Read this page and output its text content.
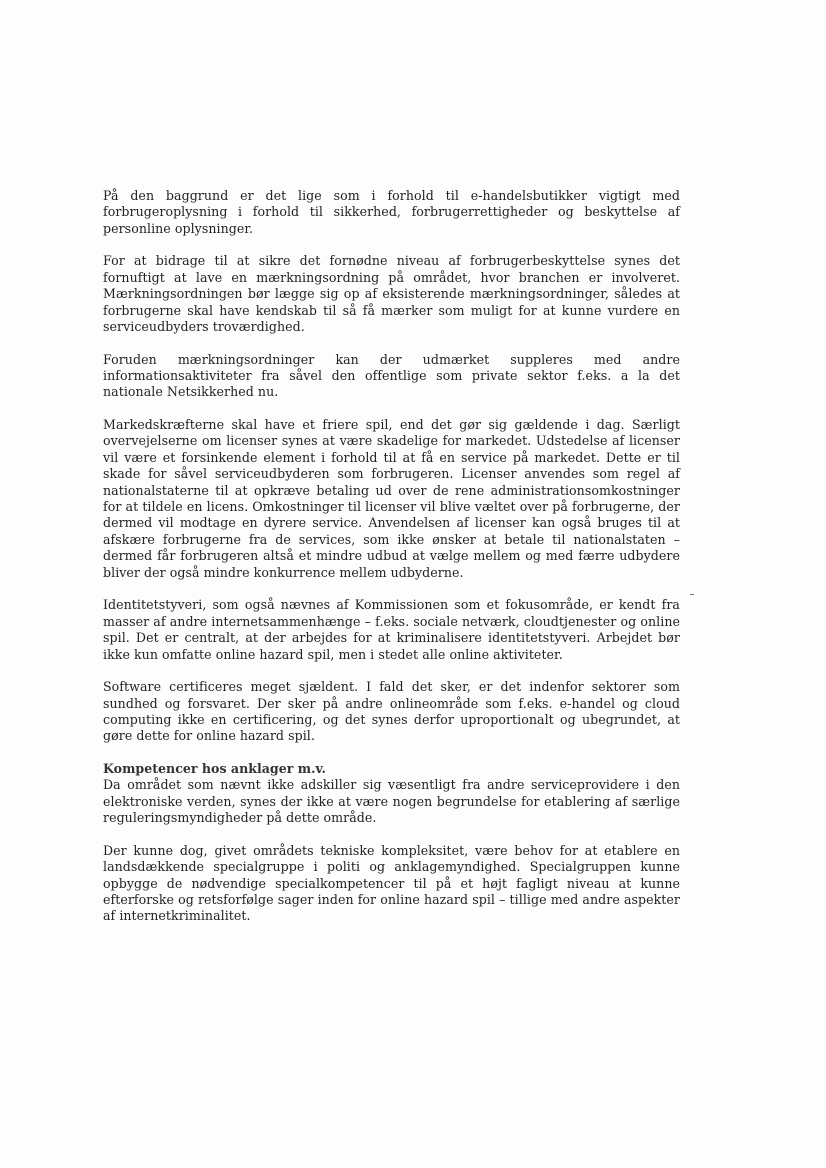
På den baggrund er det lige som i forhold til e-handelsbutikker vigtigt med forbrugeroplysning i forhold til sikkerhed, forbrugerrettigheder og beskyttelse af personline oplysninger.

For at bidrage til at sikre det fornødne niveau af forbrugerbeskyttelse synes det fornuftigt at lave en mærkningsordning på området, hvor branchen er involveret. Mærkningsordningen bør lægge sig op af eksisterende mærkningsordninger, således at forbrugerne skal have kendskab til så få mærker som muligt for at kunne vurdere en serviceudbyders troværdighed.

Foruden mærkningsordninger kan der udmærket suppleres med andre informationsaktiviteter fra såvel den offentlige som private sektor f.eks. a la det nationale Netsikkerhed nu.

Markedskræfterne skal have et friere spil, end det gør sig gældende i dag. Særligt overvejelserne om licenser synes at være skadelige for markedet. Udstedelse af licenser vil være et forsinkende element i forhold til at få en service på markedet. Dette er til skade for såvel serviceudbyderen som forbrugeren. Licenser anvendes som regel af nationalstaterne til at opkræve betaling ud over de rene administrationsomkostninger for at tildele en licens. Omkostninger til licenser vil blive væltet over på forbrugerne, der dermed vil modtage en dyrere service. Anvendelsen af licenser kan også bruges til at afskære forbrugerne fra de services, som ikke ønsker at betale til nationalstaten – dermed får forbrugeren altså et mindre udbud at vælge mellem og med færre udbydere bliver der også mindre konkurrence mellem udbyderne.

Identitetstyveri, som også nævnes af Kommissionen som et fokusområde, er kendt fra masser af andre internetsammenhænge – f.eks. sociale netværk, cloudtjenester og online spil. Det er centralt, at der arbejdes for at kriminalisere identitetstyveri. Arbejdet bør ikke kun omfatte online hazard spil, men i stedet alle online aktiviteter.

Software certificeres meget sjældent. I fald det sker, er det indenfor sektorer som sundhed og forsvaret. Der sker på andre onlineområde som f.eks. e-handel og cloud computing ikke en certificering, og det synes derfor uproportionalt og ubegrundet, at gøre dette for online hazard spil.

Kompetencer hos anklager m.v.

Da området som nævnt ikke adskiller sig væsentligt fra andre serviceprovidere i den elektroniske verden, synes der ikke at være nogen begrundelse for etablering af særlige reguleringsmyndigheder på dette område.

Der kunne dog, givet områdets tekniske kompleksitet, være behov for at etablere en landsdækkende specialgruppe i politi og anklagemyndighed. Specialgruppen kunne opbygge de nødvendige specialkompetencer til på et højt fagligt niveau at kunne efterforske og retsforfølge sager inden for online hazard spil – tillige med andre aspekter af internetkriminalitet.
